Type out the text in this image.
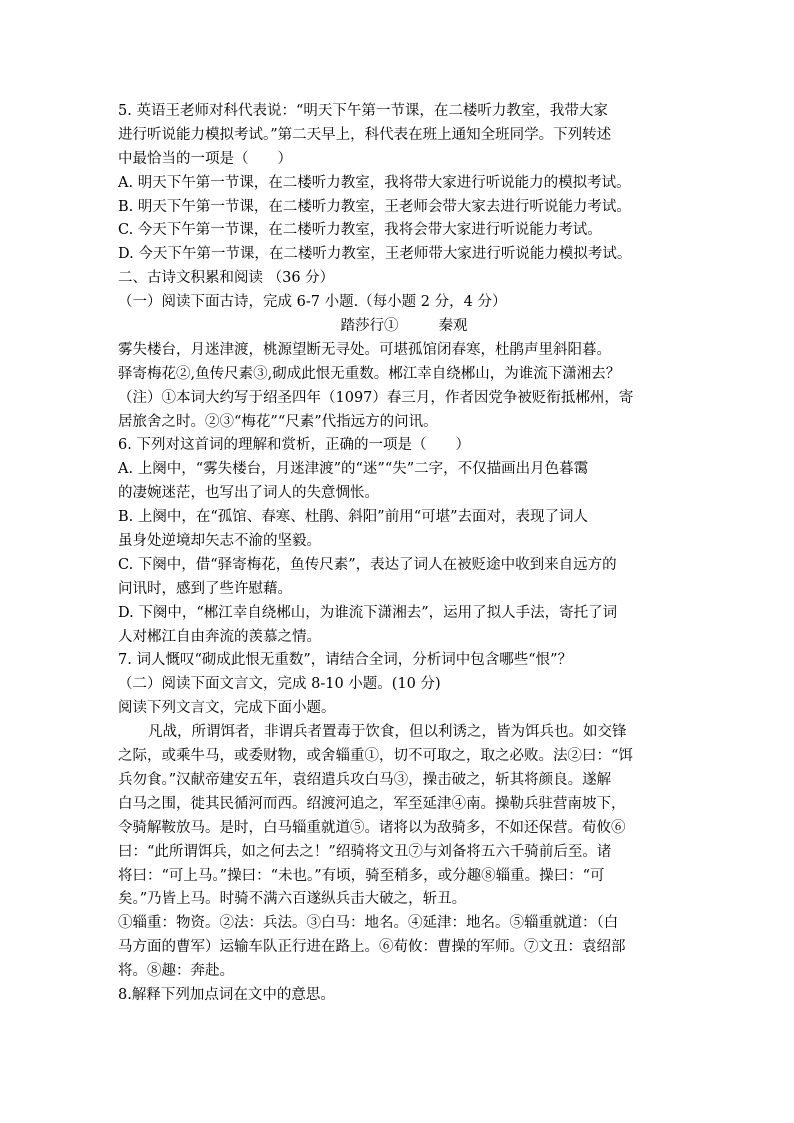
5. 英语王老师对科代表说：“明天下午第一节课，在二楼听力教室，我带大家
进行听说能力模拟考试。”第二天早上，科代表在班上通知全班同学。下列转述
中最恰当的一项是（　　）
A. 明天下午第一节课，在二楼听力教室，我将带大家进行听说能力的模拟考试。
B. 明天下午第一节课，在二楼听力教室，王老师会带大家去进行听说能力考试。
C. 今天下午第一节课，在二楼听力教室，我将会带大家进行听说能力考试。
D. 今天下午第一节课，在二楼听力教室，王老师带大家进行听说能力模拟考试。
二、古诗文积累和阅读 （36 分）
（一）阅读下面古诗，完成 6-7 小题.（每小题 2 分，4 分）
踏莎行①	秦观
雾失楼台，月迷津渡，桃源望断无寻处。可堪孤馆闭春寒，杜鹃声里斜阳暮。
驿寄梅花②,鱼传尺素③,砌成此恨无重数。郴江幸自绕郴山，为谁流下潇湘去？
（注）①本词大约写于绍圣四年（1097）春三月，作者因党争被贬衔抵郴州，寄
居旅舍之时。②③“梅花”“尺素”代指远方的问讯。
6. 下列对这首词的理解和赏析，正确的一项是（　　）
A. 上阕中，“雾失楼台，月迷津渡”的“迷”“失”二字，不仅描画出月色暮霭
的凄婉迷茫，也写出了词人的失意惆怅。
B. 上阕中，在“孤馆、春寒、杜鹃、斜阳”前用“可堪”去面对，表现了词人
虽身处逆境却矢志不渝的坚毅。
C. 下阕中，借“驿寄梅花，鱼传尺素”，表达了词人在被贬途中收到来自远方的
问讯时，感到了些许慰藉。
D. 下阕中，“郴江幸自绕郴山，为谁流下潇湘去”，运用了拟人手法，寄托了词
人对郴江自由奔流的羡慕之情。
7. 词人慨叹“砌成此恨无重数”，请结合全词，分析词中包含哪些“恨”？
（二）阅读下面文言文，完成 8-10 小题。(10 分)
阅读下列文言文，完成下面小题。
凡战，所谓饵者，非谓兵者置毒于饮食，但以利诱之，皆为饵兵也。如交锋
之际，或乘牛马，或委财物，或舍辎重①，切不可取之，取之必败。法②曰：“饵
兵勿食。”汉献帝建安五年，袁绍遣兵攻白马③，操击破之，斩其将颜良。遂解
白马之围，徙其民循河而西。绍渡河追之，军至延津④南。操勒兵驻营南坡下，
令骑解鞍放马。是时，白马辎重就道⑤。诸将以为敌骑多，不如还保营。荀攸⑥
曰：“此所谓饵兵，如之何去之！”绍骑将文丑⑦与刘备将五六千骑前后至。诸
将曰：“可上马。”操曰：“未也。”有顷，骑至稍多，或分趣⑧辎重。操曰：“可
矣。”乃皆上马。时骑不满六百遂纵兵击大破之，斩丑。
①辎重：物资。②法：兵法。③白马：地名。④延津：地名。⑤辎重就道：（白
马方面的曹军）运输车队正行进在路上。⑥荀攸：曹操的军师。⑦文丑：袁绍部
将。⑧趣：奔赴。
8.解释下列加点词在文中的意思。
